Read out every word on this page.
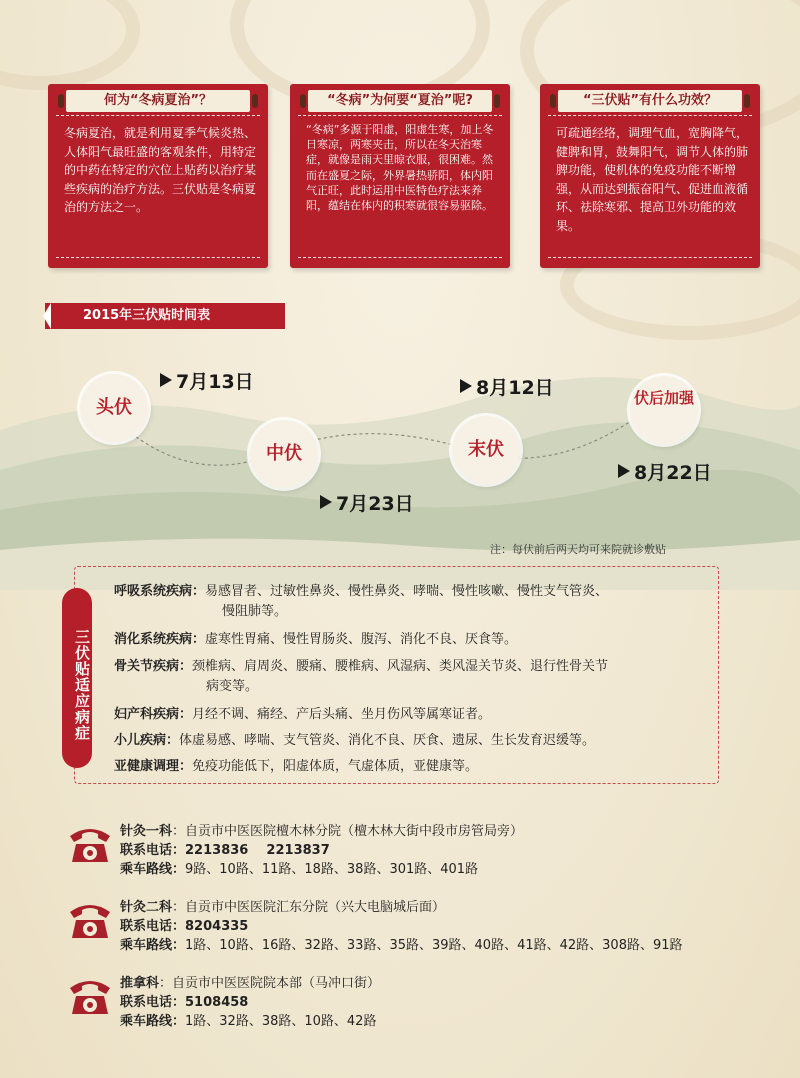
何为“冬病夏治”？
冬病夏治，就是利用夏季气候炎热、人体阳气最旺盛的客观条件，用特定的中药在特定的穴位上贴药以治疗某些疾病的治疗方法。三伏贴是冬病夏治的方法之一。
“冬病”为何要“夏治”呢?
“冬病”多源于阳虚，阳虚生寒，加上冬日寒凉，两寒夹击，所以在冬天治寒症，就像是雨天里晾衣服，很困难。然而在盛夏之际，外界暑热骄阳，体内阳气正旺，此时运用中医特色疗法来养阳，蕴结在体内的积寒就很容易驱除。
“三伏贴”有什么功效？
可疏通经络，调理气血，宽胸降气，健脾和胃，鼓舞阳气，调节人体的肺脾功能，使机体的免疫功能不断增强，从而达到振奋阳气、促进血液循环、祛除寒邪、提高卫外功能的效果。
2015年三伏贴时间表
头伏
中伏	末伏
伏后加强
7月13日
7月23日
8月12日
8月22日
注：每伏前后两天均可来院就诊敷贴
三伏贴适应病症
呼吸系统疾病：易感冒者、过敏性鼻炎、慢性鼻炎、哮喘、慢性咳嗽、慢性支气管炎、
慢阻肺等。
消化系统疾病：虚寒性胃痛、慢性胃肠炎、腹泻、消化不良、厌食等。
骨关节疾病：颈椎病、肩周炎、腰痛、腰椎病、风湿病、类风湿关节炎、退行性骨关节
病变等。
妇产科疾病：月经不调、痛经、产后头痛、坐月伤风等属寒证者。
小儿疾病：体虚易感、哮喘、支气管炎、消化不良、厌食、遗尿、生长发育迟缓等。
亚健康调理：免疫功能低下，阳虚体质，气虚体质，亚健康等。
针灸一科：自贡市中医医院檀木林分院（檀木林大街中段市房管局旁）
联系电话：2213836    2213837
乘车路线：9路、10路、11路、18路、38路、301路、401路
针灸二科：自贡市中医医院汇东分院（兴大电脑城后面）
联系电话：8204335
乘车路线：1路、10路、16路、32路、33路、35路、39路、40路、41路、42路、308路、91路
推拿科：自贡市中医医院院本部（马冲口街）
联系电话：5108458
乘车路线：1路、32路、38路、10路、42路
